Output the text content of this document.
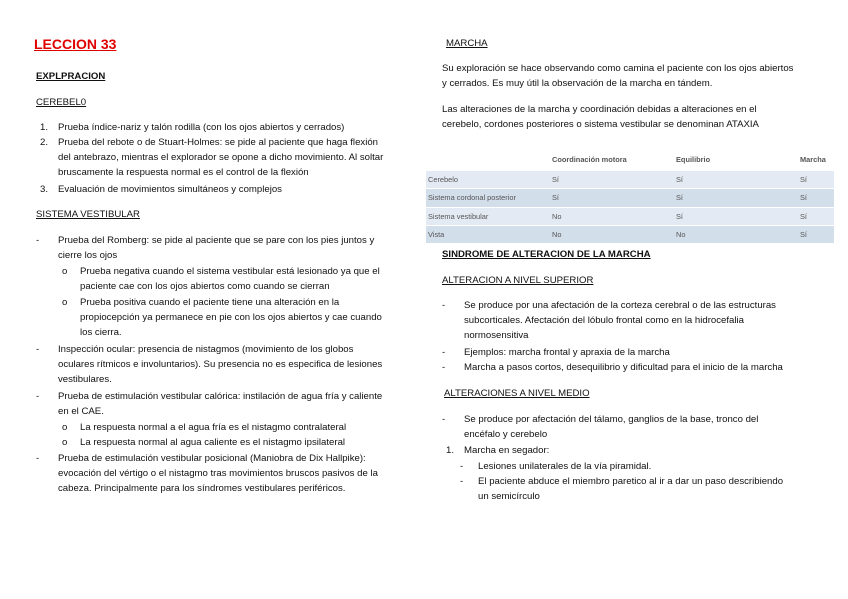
LECCION 33
EXPLPRACION
CEREBEL0
1.	Prueba índice-nariz y talón rodilla (con los ojos abiertos y cerrados)
2.	Prueba del rebote o de Stuart-Holmes: se pide al paciente que haga flexión
del antebrazo, mientras el explorador se opone a dicho movimiento. Al soltar
bruscamente la respuesta normal es el control de la flexión
3.	Evaluación de movimientos simultáneos y complejos
SISTEMA VESTIBULAR
-	Prueba del Romberg: se pide al paciente que se pare con los pies juntos y
cierre los ojos
o	Prueba negativa cuando el sistema vestibular está lesionado ya que el
paciente cae con los ojos abiertos como cuando se cierran
o	Prueba positiva cuando el paciente tiene una alteración en la
propiocepción ya permanece en pie con los ojos abiertos y cae cuando
los cierra.
-	Inspección ocular: presencia de nistagmos (movimiento de los globos
oculares rítmicos e involuntarios). Su presencia no es especifica de lesiones
vestibulares.
-	Prueba de estimulación vestibular calórica: instilación de agua fría y caliente
en el CAE.
o	La respuesta normal a el agua fría es el nistagmo contralateral
o	La respuesta normal al agua caliente es el nistagmo ipsilateral
-	Prueba de estimulación vestibular posicional (Maniobra de Dix Hallpike):
evocación del vértigo o el nistagmo tras movimientos bruscos pasivos de la
cabeza. Principalmente para los síndromes vestibulares periféricos.
MARCHA
Su exploración se hace observando como camina el paciente con los ojos abiertos
y cerrados. Es muy útil la observación de la marcha en tándem.
Las alteraciones de la marcha y coordinación debidas a alteraciones en el
cerebelo, cordones posteriores o sistema vestibular se denominan ATAXIA
	Coordinación motora	Equilibrio	Marcha
Cerebelo	Sí	Sí	Sí
Sistema cordonal posterior	Sí	Sí	Sí
Sistema vestibular	No	Sí	Sí
Vista	No	No	Sí
SINDROME DE ALTERACION DE LA MARCHA
ALTERACION A NIVEL SUPERIOR
-	Se produce por una afectación de la corteza cerebral o de las estructuras
subcorticales. Afectación del lóbulo frontal como en la hidrocefalia
normosensitiva
-	Ejemplos: marcha frontal y apraxia de la marcha
-	Marcha a pasos cortos, desequilibrio y dificultad para el inicio de la marcha
ALTERACIONES A NIVEL MEDIO
-	Se produce por afectación del tálamo, ganglios de la base, tronco del
encéfalo y cerebelo
1.	Marcha en segador:
-	Lesiones unilaterales de la vía piramidal.
-	El paciente abduce el miembro paretico al ir a dar un paso describiendo
un semicírculo
